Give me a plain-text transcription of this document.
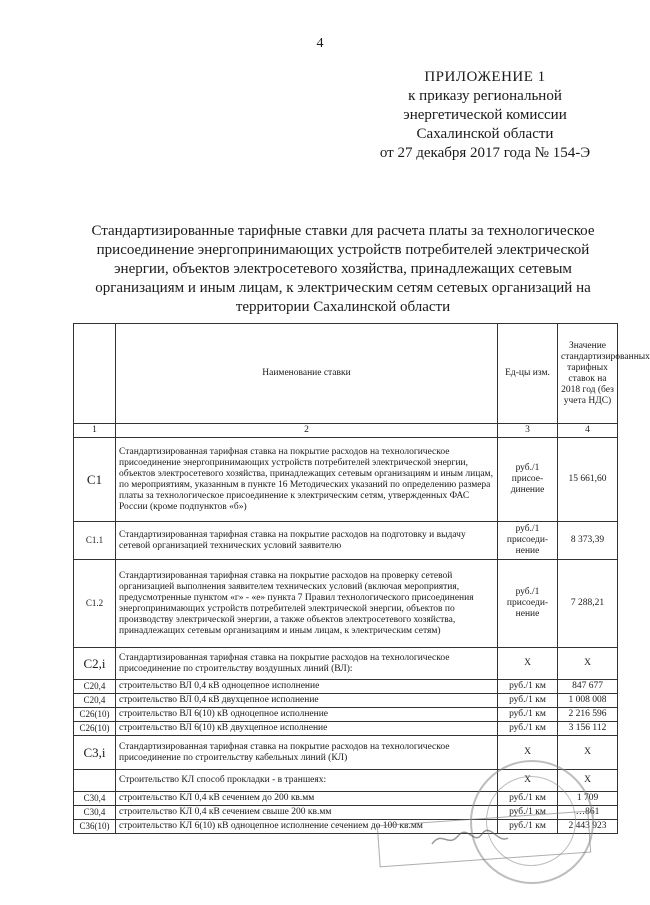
4
ПРИЛОЖЕНИЕ 1
к приказу региональной
энергетической комиссии
Сахалинской области
от 27 декабря 2017 года № 154-Э
Стандартизированные тарифные ставки для расчета платы за технологическое присоединение энергопринимающих устройств потребителей электрической энергии, объектов электросетевого хозяйства, принадлежащих сетевым организациям и иным лицам, к электрическим сетям сетевых организаций на территории Сахалинской области
	Наименование ставки	Ед-цы изм.	Значение стандартизированных тарифных ставок на 2018 год (без учета НДС)
1	2	3	4
C1	Стандартизированная тарифная ставка на покрытие расходов на технологическое присоединение энергопринимающих устройств потребителей электрической энергии, объектов электросетевого хозяйства, принадлежащих сетевым организациям и иным лицам, по мероприятиям, указанным в пункте 16 Методических указаний по определению размера платы за технологическое присоединение к электрическим сетям, утвержденных ФАС России (кроме подпунктов «б»)	руб./1 присое-динение	15 661,60
C1.1	Стандартизированная тарифная ставка на покрытие расходов на подготовку и выдачу сетевой организацией технических условий заявителю	руб./1 присоеди-нение	8 373,39
C1.2	Стандартизированная тарифная ставка на покрытие расходов на проверку сетевой организацией выполнения заявителем технических условий (включая мероприятия, предусмотренные пунктом «г» - «е» пункта 7 Правил технологического присоединения энергопринимающих устройств потребителей электрической энергии, объектов по производству электрической энергии, а также объектов электросетевого хозяйства, принадлежащих сетевым организациям и иным лицам, к электрическим сетям)	руб./1 присоеди-нение	7 288,21
C2,i	Стандартизированная тарифная ставка на покрытие расходов на технологическое присоединение по строительству воздушных линий (ВЛ):	Х	Х
C20,4	строительство ВЛ 0,4 кВ одноцепное исполнение	руб./1 км	847 677
C20,4	строительство ВЛ 0,4 кВ двухцепное исполнение	руб./1 км	1 008 008
C26(10)	строительство ВЛ 6(10) кВ одноцепное исполнение	руб./1 км	2 216 596
C26(10)	строительство ВЛ 6(10) кВ двухцепное исполнение	руб./1 км	3 156 112
C3,i	Стандартизированная тарифная ставка на покрытие расходов на технологическое присоединение по строительству кабельных линий (КЛ)	Х	Х
	Строительство КЛ способ прокладки - в траншеях:	Х	Х
C30,4	строительство КЛ 0,4 кВ сечением до 200 кв.мм	руб./1 км	1 709
C30,4	строительство КЛ 0,4 кВ сечением свыше 200 кв.мм	руб./1 км	…861
C36(10)	строительство КЛ 6(10) кВ одноцепное исполнение сечением до 100 кв.мм	руб./1 км	2 443 923
